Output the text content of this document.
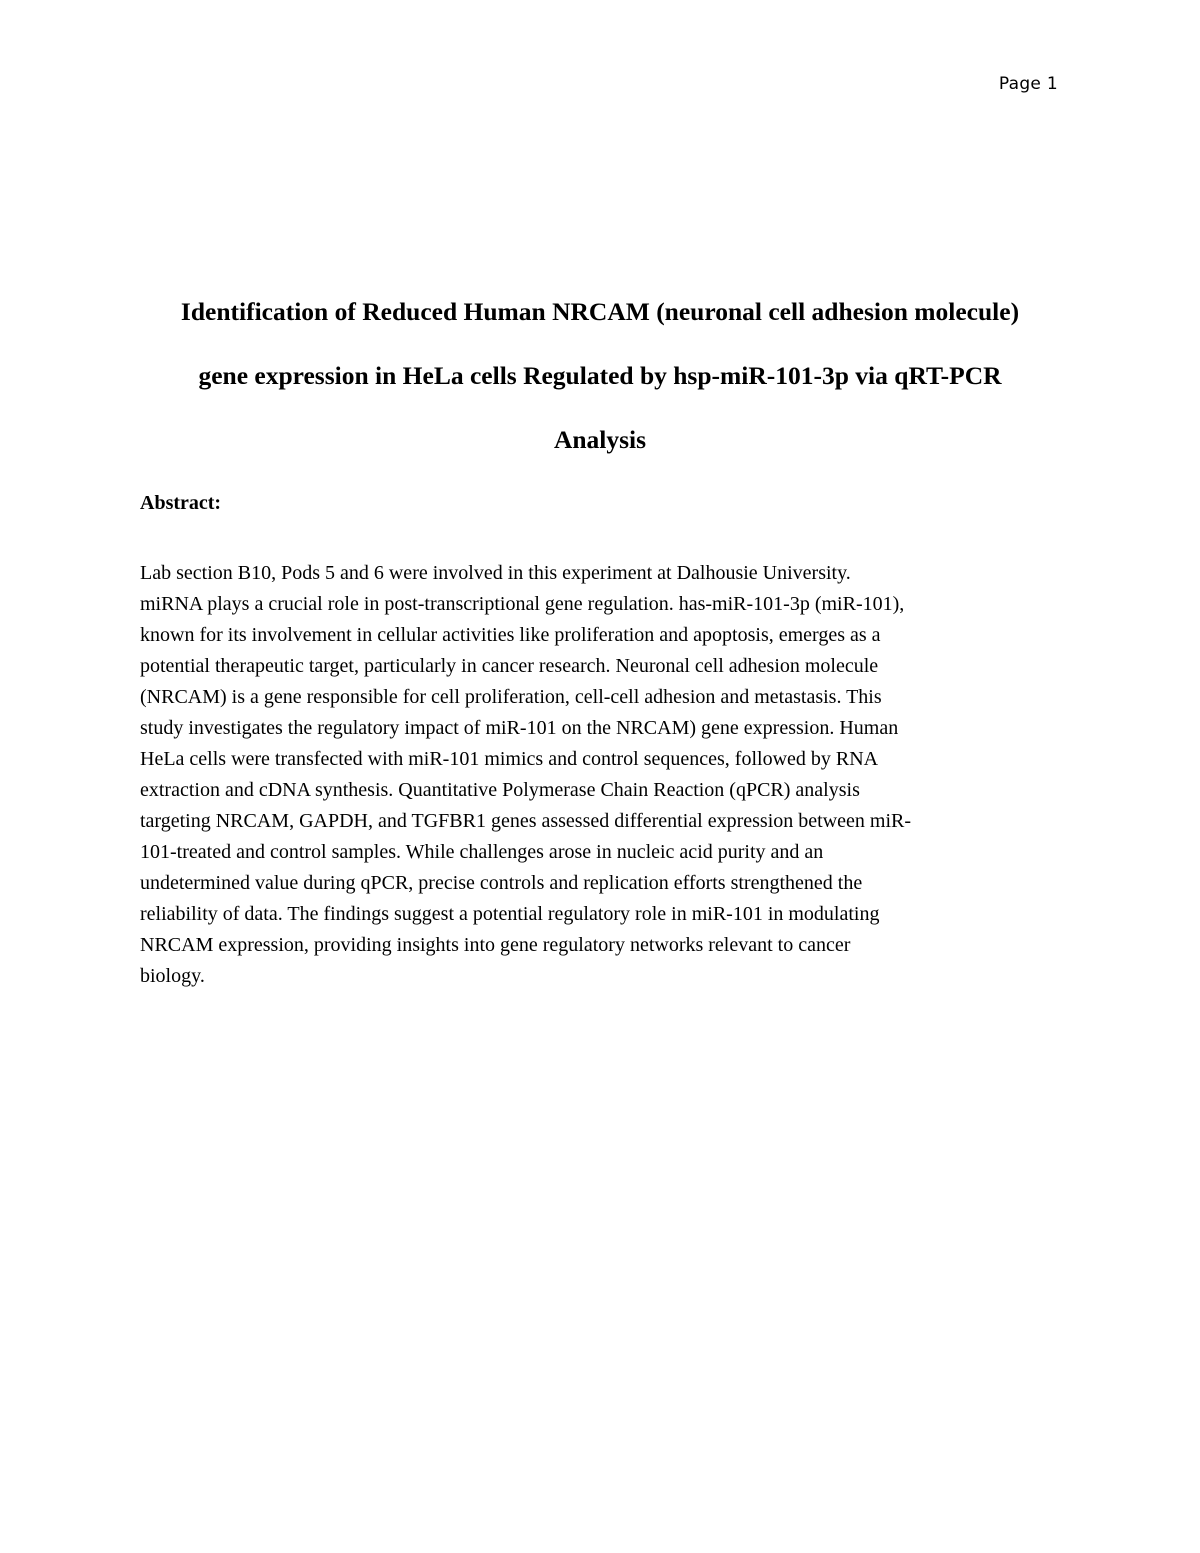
Page 1
Identification of Reduced Human NRCAM (neuronal cell adhesion molecule)
gene expression in HeLa cells Regulated by hsp-miR-101-3p via qRT-PCR
Analysis
Abstract:
Lab section B10, Pods 5 and 6 were involved in this experiment at Dalhousie University.
miRNA plays a crucial role in post-transcriptional gene regulation. has-miR-101-3p (miR-101),
known for its involvement in cellular activities like proliferation and apoptosis, emerges as a
potential therapeutic target, particularly in cancer research. Neuronal cell adhesion molecule
(NRCAM) is a gene responsible for cell proliferation, cell-cell adhesion and metastasis. This
study investigates the regulatory impact of miR-101 on the NRCAM) gene expression. Human
HeLa cells were transfected with miR-101 mimics and control sequences, followed by RNA
extraction and cDNA synthesis. Quantitative Polymerase Chain Reaction (qPCR) analysis
targeting NRCAM, GAPDH, and TGFBR1 genes assessed differential expression between miR-
101-treated and control samples. While challenges arose in nucleic acid purity and an
undetermined value during qPCR, precise controls and replication efforts strengthened the
reliability of data. The findings suggest a potential regulatory role in miR-101 in modulating
NRCAM expression, providing insights into gene regulatory networks relevant to cancer
biology.
